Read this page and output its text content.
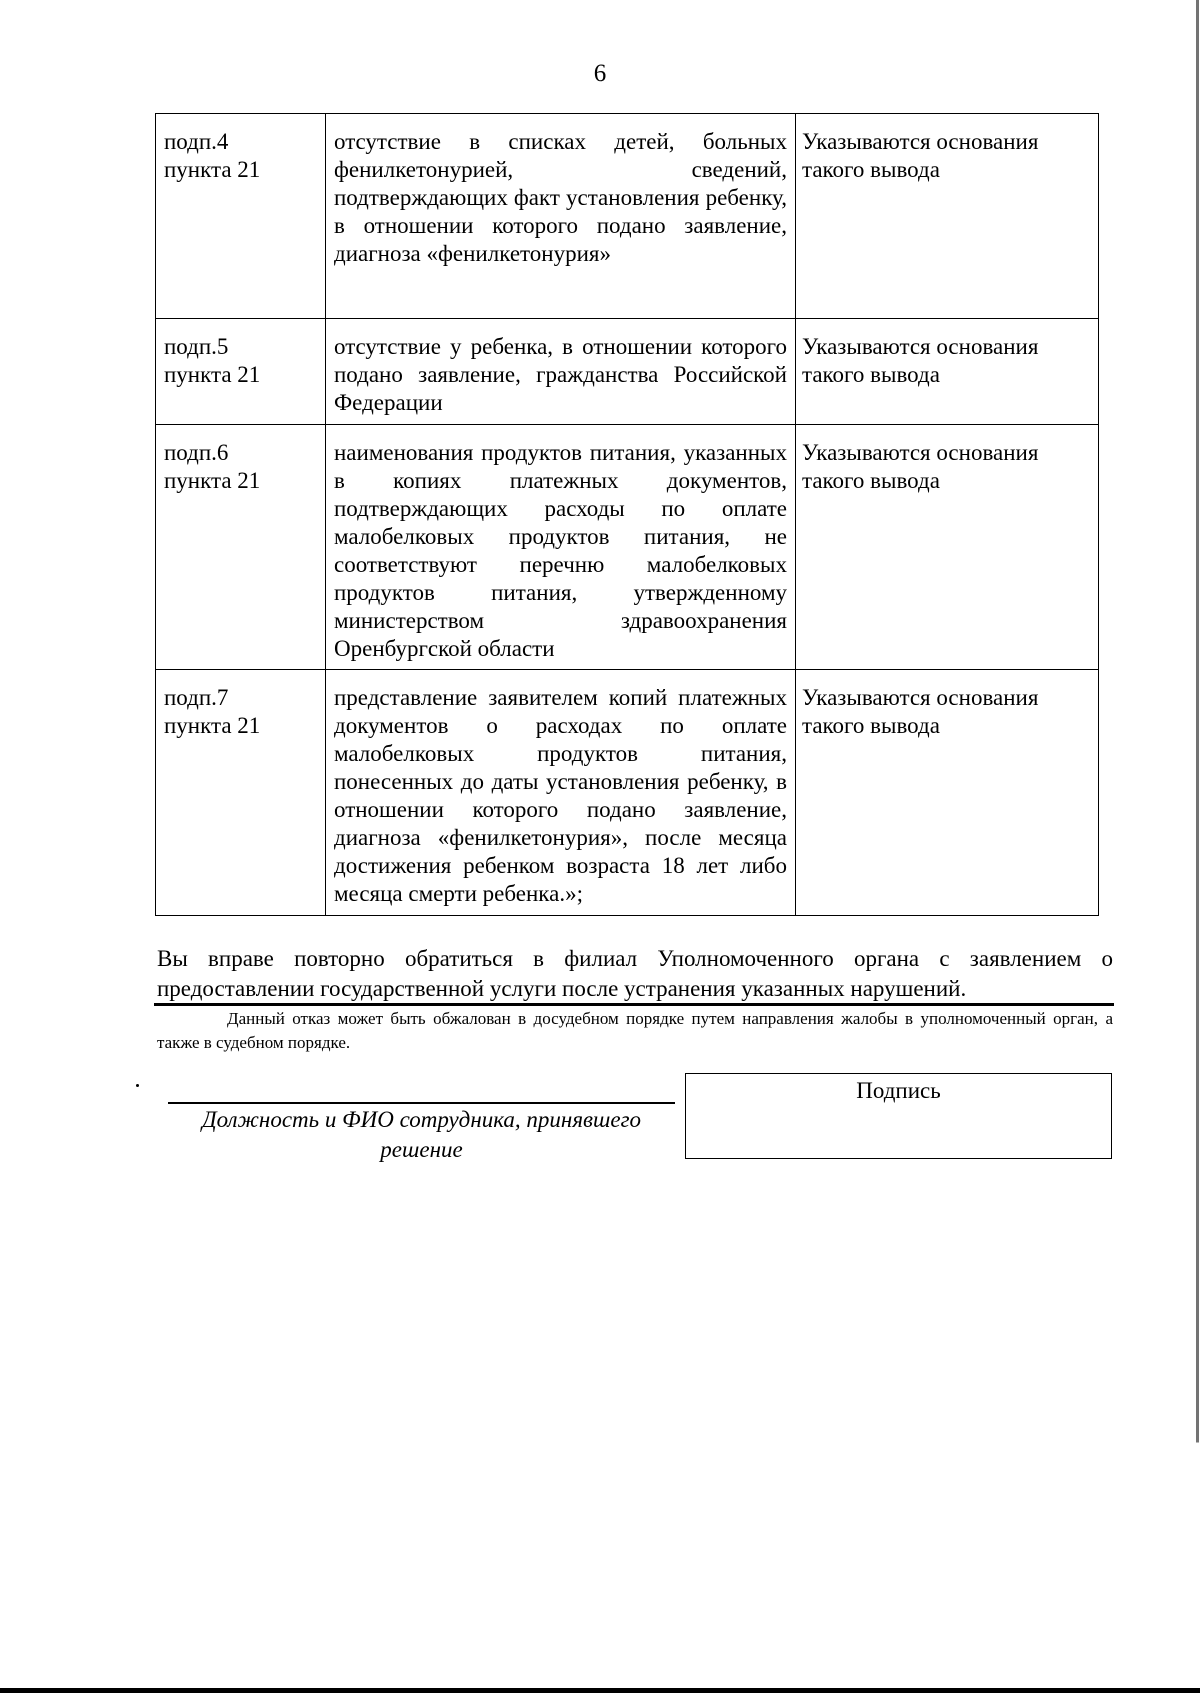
6
подп.4
пункта 21	отсутствие в списках детей, больных фенилкетонурией, сведений, подтверждающих факт установления ребенку, в отношении которого подано заявление, диагноза «фенилкетонурия»	Указываются основания такого вывода

подп.5
пункта 21	отсутствие у ребенка, в отношении которого подано заявление, гражданства Российской Федерации	Указываются основания такого вывода

подп.6
пункта 21	наименования продуктов питания, указанных в копиях платежных документов, подтверждающих расходы по оплате малобелковых продуктов питания, не соответствуют перечню малобелковых продуктов питания, утвержденному министерством здравоохранения Оренбургской области	Указываются основания такого вывода

подп.7
пункта 21	представление заявителем копий платежных документов о расходах по оплате малобелковых продуктов питания, понесенных до даты установления ребенку, в отношении которого подано заявление, диагноза «фенилкетонурия», после месяца достижения ребенком возраста 18 лет либо месяца смерти ребенка.»;	Указываются основания такого вывода
Вы вправе повторно обратиться в филиал Уполномоченного органа с заявлением о предоставлении государственной услуги после устранения указанных нарушений.
Данный отказ может быть обжалован в досудебном порядке путем направления жалобы в уполномоченный орган, а также в судебном порядке.
Должность и ФИО сотрудника, принявшего решение
Подпись
